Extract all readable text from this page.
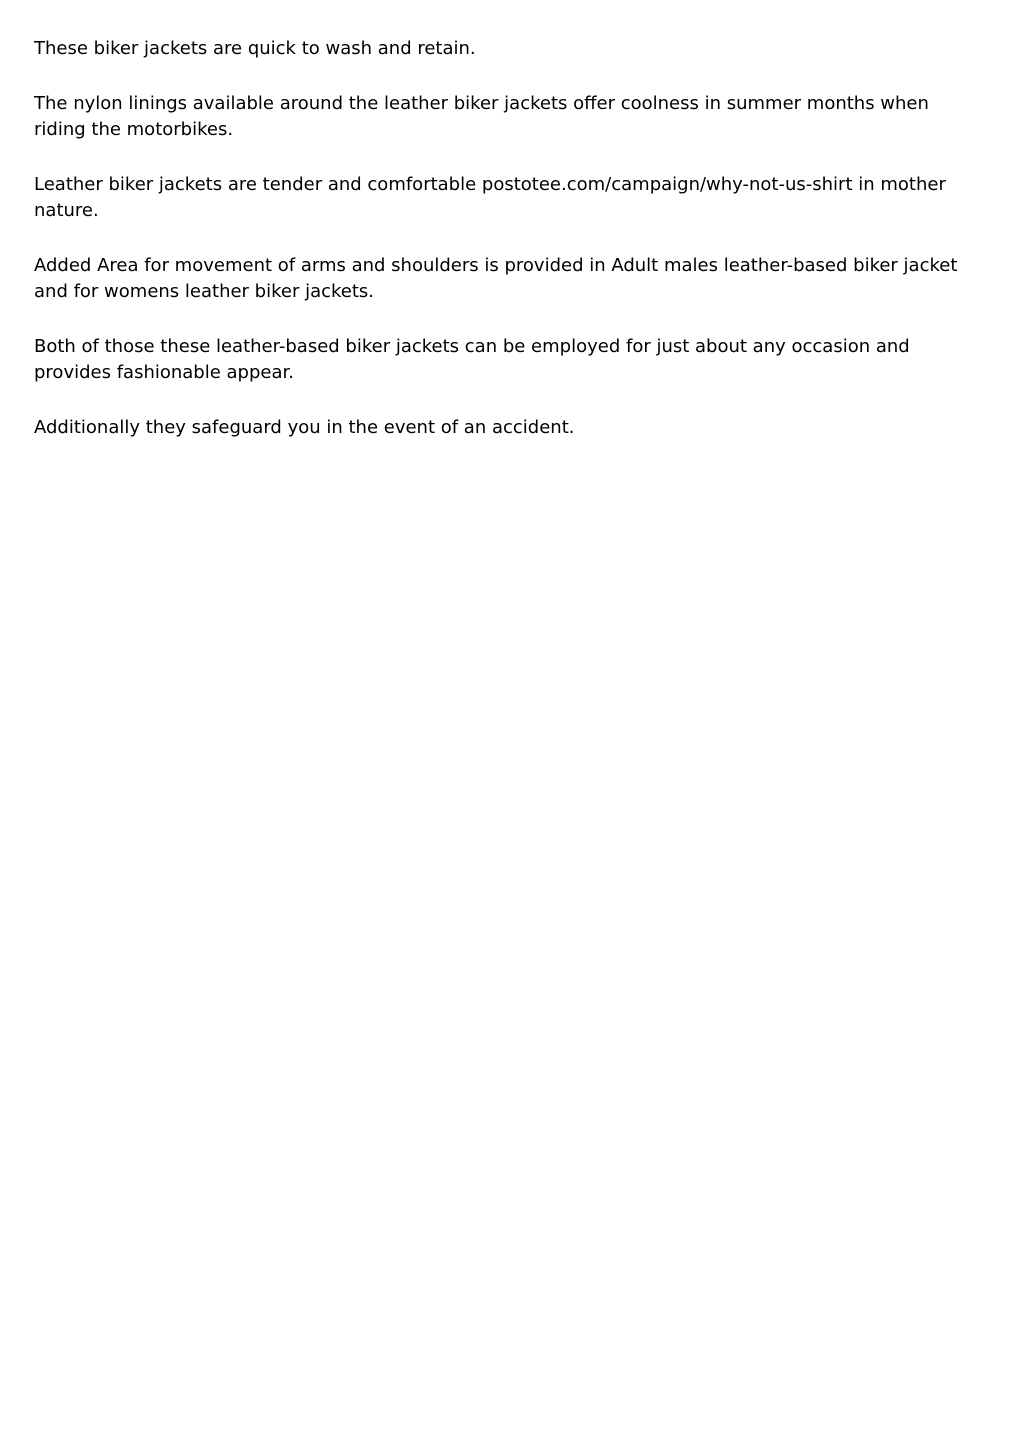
These biker jackets are quick to wash and retain.

The nylon linings available around the leather biker jackets offer coolness in summer months when riding the motorbikes.

Leather biker jackets are tender and comfortable postotee.com/campaign/why-not-us-shirt in mother nature.

Added Area for movement of arms and shoulders is provided in Adult males leather-based biker jacket and for womens leather biker jackets.

Both of those these leather-based biker jackets can be employed for just about any occasion and provides fashionable appear.

Additionally they safeguard you in the event of an accident.
